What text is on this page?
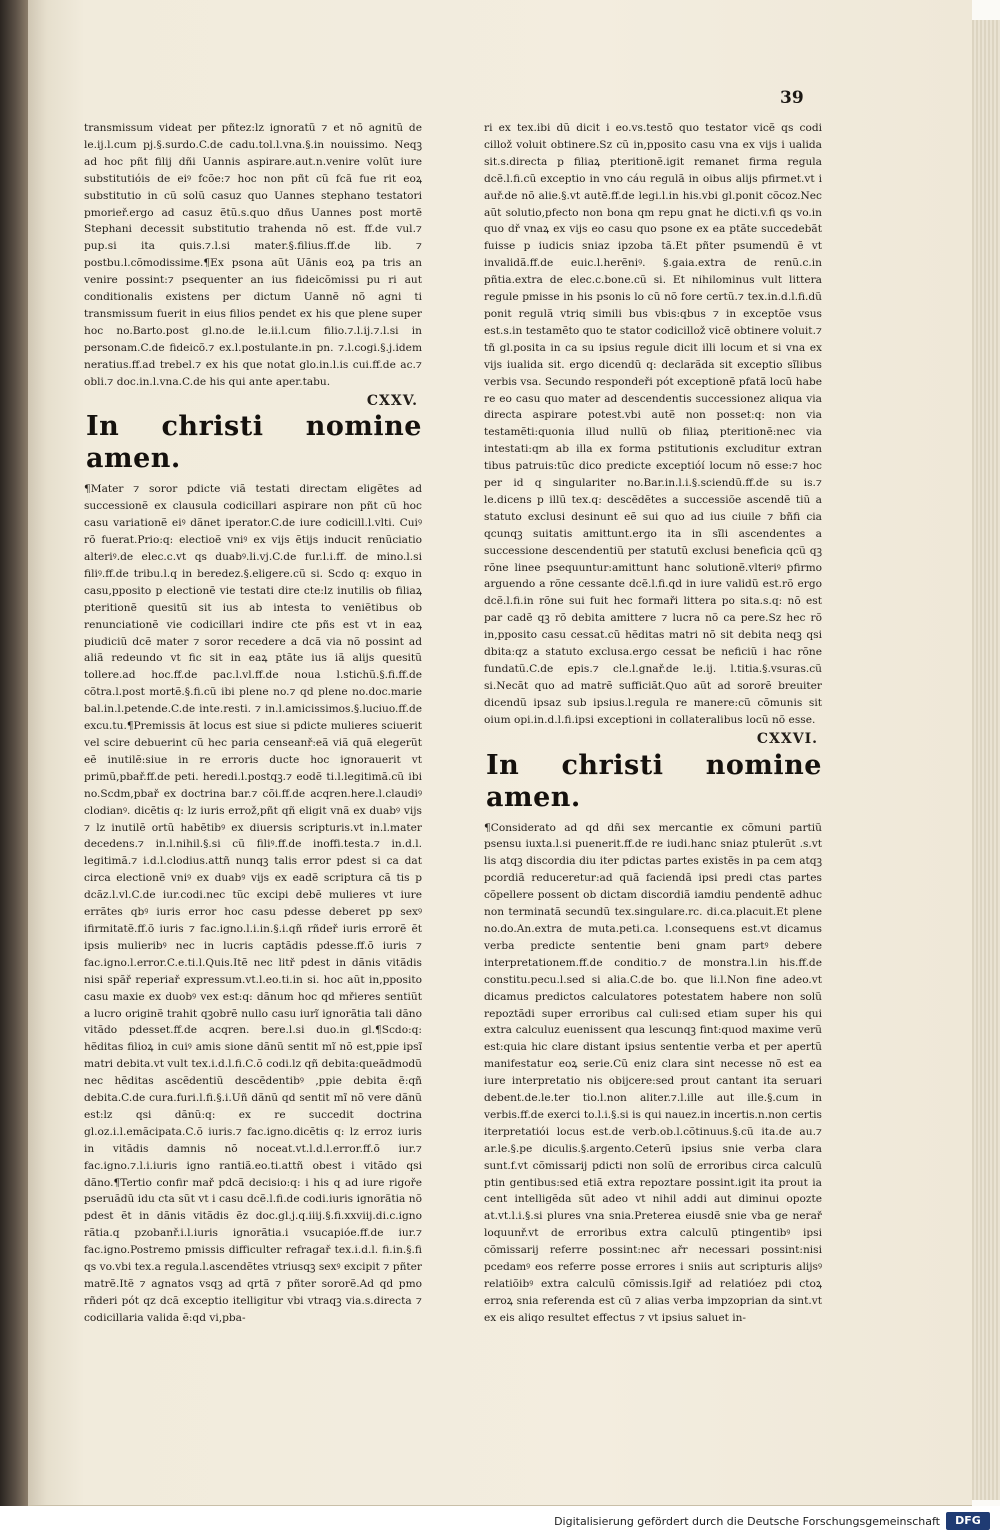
39

transmissum videat per pñtez:lz ignoratũ ⁊ et nõ agnitũ de le.ij.l.cum pj.§.surdo.C.de cadu.tol.l.vna.§.in nouissimo. Neqꝫ ad hoc pñt filij dñi Uannis aspirare.aut.n.venire volũt iure substitutióis de eiꝰ fcõe:⁊ hoc non pñt cũ fcã fue rit eoꝝ substitutio in cũ solũ casuz quo Uannes stephano testatori pmorieř.ergo ad casuz ẽtũ.s.quo dñus Uannes post mortẽ Stephani decessit substitutio trahenda nõ est. ff.de vul.⁊ pup.si ita quis.⁊.l.si mater.§.filius.ff.de lib. ⁊ postbu.l.cõmodissime.¶Ex psona aũt Uãnis eoꝝ pa tris an venire possint:⁊ psequenter an ius fideicõmissi pu ri aut conditionalis existens per dictum Uannẽ nõ agni ti transmissum fuerit in eius filios pendet ex his que plene super hoc no.Barto.post gl.no.de le.ii.l.cum filio.⁊.l.ij.⁊.l.si in personam.C.de fideicõ.⁊ ex.l.postulante.in pn. ⁊.l.cogi.§.j.idem neratius.ff.ad trebel.⁊ ex his que notat glo.in.l.is cui.ff.de ac.⁊ obli.⁊ doc.in.l.vna.C.de his qui ante aper.tabu.

CXXV.
In christi nomine amen.

¶Mater ⁊ soror pdicte viã testati directam eligẽtes ad successionẽ ex clausula codicillari aspirare non pñt cũ hoc casu variationẽ eiꝰ dãnet iperator.C.de iure codicill.l.vlti. Cuiꝰ rõ fuerat.Prio:q: electioẽ vniꝰ ex vijs ẽtijs inducit renũciatio alteriꝰ.de elec.c.vt qs duabꝰ.li.vj.C.de fur.l.i.ff. de mino.l.si filiꝰ.ff.de tribu.l.q in beredez.§.eligere.cũ si. Scdo q: exquo in casu,pposito p electionẽ vie testati dire cte:lz inutilis ob filiaꝝ pteritionẽ quesitũ sit ius ab intesta to veniẽtibus ob renunciationẽ vie codicillari indire cte pñs est vt in eaꝝ piudiciũ dcẽ mater ⁊ soror recedere a dcã via nõ possint ad aliã redeundo vt fic sit in eaꝝ ptãte ius iã alijs quesitũ tollere.ad hoc.ff.de pac.l.vl.ff.de noua l.stichũ.§.fi.ff.de cõtra.l.post mortẽ.§.fi.cũ ibi plene no.⁊ qd plene no.doc.marie bal.in.l.petende.C.de inte.resti. ⁊ in.l.amicissimos.§.luciuo.ff.de excu.tu.¶Premissis ãt locus est siue si pdicte mulieres sciuerit vel scire debuerint cũ hec paria censeanř:eã viã quã elegerũt eẽ inutilẽ:siue in re erroris ducte hoc ignorauerit vt primũ,pbař.ff.de peti. heredi.l.postqꝫ.⁊ eodẽ ti.l.legitimã.cũ ibi no.Scdm,pbař ex doctrina bar.⁊ cõi.ff.de acqren.here.l.claudiꝰ clodianꝰ. dicẽtis q: lz iuris errož,pñt qñ eligit vnã ex duabꝰ vijs ⁊ lz inutilẽ ortũ habẽtibꝰ ex diuersis scripturis.vt in.l.mater decedens.⁊ in.l.nihil.§.si cũ filiꝰ.ff.de inoffi.testa.⁊ in.d.l. legitimã.⁊ i.d.l.clodius.attñ nunqꝫ talis error pdest si ca dat circa electionẽ vniꝰ ex duabꝰ vijs ex eadẽ scriptura cã tis p dcãz.l.vl.C.de iur.codi.nec tũc excipi debẽ mulieres vt iure errãtes qbꝰ iuris error hoc casu pdesse deberet pp sexꝰ ifirmitatẽ.ff.õ iuris ⁊ fac.igno.l.i.in.§.i.qñ rñdeř iuris errorẽ ẽt ipsis mulieribꝰ nec in lucris captãdis pdesse.ff.õ iuris ⁊ fac.igno.l.error.C.e.ti.l.Quis.Itẽ nec litř pdest in dãnis vitãdis nisi spãř reperiař expressum.vt.l.eo.ti.in si. hoc aũt in,pposito casu maxie ex duobꝰ vex est:q: dãnum hoc qd mřieres sentiũt a lucro originẽ trahit qꝫobrẽ nullo casu iurĩ ignorãtia tali dãno vitãdo pdesset.ff.de acqren. bere.l.si duo.in gl.¶Scdo:q: hẽditas filioꝝ in cuiꝰ amis sione dãnũ sentit mĩ nõ est,ppie ipsĩ matri debita.vt vult tex.i.d.l.fi.C.õ codi.lz qñ debita:queãdmodũ nec hẽditas ascẽdentiũ descẽdentibꝰ ,ppie debita ẽ:qñ debita.C.de cura.furi.l.fi.§.i.Uñ dãnũ qd sentit mĩ nõ vere dãnũ est:lz qsi dãnũ:q: ex re succedit doctrina gl.oz.i.l.emãcipata.C.õ iuris.⁊ fac.igno.dicẽtis q: lz erroz iuris in vitãdis damnis nõ noceat.vt.l.d.l.error.ff.õ iur.⁊ fac.igno.⁊.l.i.iuris igno rantiã.eo.ti.attñ obest i vitãdo qsi dãno.¶Tertio confir mař pdcã decisio:q: i his q ad iure rigoře pseruãdũ idu cta sũt vt i casu dcẽ.l.fi.de codi.iuris ignorãtia nõ pdest ẽt in dãnis vitãdis ẽz doc.gl.j.q.iiij.§.fi.xxviij.di.c.igno rãtia.q pzobanř.i.l.iuris ignorãtia.i vsucapióe.ff.de iur.⁊ fac.igno.Postremo pmissis difficulter refragař tex.i.d.l. fi.in.§.fi qs vo.vbi tex.a regula.l.ascendẽtes vtriusqꝫ sexꝰ excipit ⁊ pñter matrẽ.Itẽ ⁊ agnatos vsqꝫ ad qrtã ⁊ pñter sororẽ.Ad qd pmo rñderi pót qz dcã exceptio itelligitur vbi vtraqꝫ via.s.directa ⁊ codicillaria valida ẽ:qd vi,pba-

ri ex tex.ibi dũ dicit i eo.vs.testõ quo testator vicẽ qs codi cillož voluit obtinere.Sz cũ in,pposito casu vna ex vijs i ualida sit.s.directa p filiaꝝ pteritionẽ.igit remanet firma regula dcẽ.l.fi.cũ exceptio in vno cáu regulã in oibus alijs pfirmet.vt i auř.de nõ alie.§.vt autẽ.ff.de legi.l.in his.vbi gl.ponit cõcoz.Nec aũt solutio,pfecto non bona qm repu gnat he dicti.v.fi qs vo.in quo dř vnaꝝ ex vijs eo casu quo psone ex ea ptãte succedebãt fuisse p iudicis sniaz ipzoba tã.Et pñter psumendũ ẽ vt invalidã.ff.de euic.l.herẽniꝰ. §.gaia.extra de renũ.c.in pñtia.extra de elec.c.bone.cũ si. Et nihilominus vult littera regule pmisse in his psonis lo cũ nõ fore certũ.⁊ tex.in.d.l.fi.dũ ponit regulã vtriq simili bus vbis:qbus ⁊ in exceptõe vsus est.s.in testamẽto quo te stator codicillož vicẽ obtinere voluit.⁊ tñ gl.posita in ca su ipsius regule dicit illi locum et si vna ex vijs iualida sit. ergo dicendũ q: declarãda sit exceptio sĩlibus verbis vsa. Secundo respondeři pót exceptionẽ pfatã locũ habe re eo casu quo mater ad descendentis successionez aliqua via directa aspirare potest.vbi autẽ non posset:q: non via testamẽti:quonia illud nullũ ob filiaꝝ pteritionẽ:nec via intestati:qm ab illa ex forma pstitutionis excluditur extran tibus patruis:tũc dico predicte exceptióí locum nõ esse:⁊ hoc per id q singulariter no.Bar.in.l.i.§.sciendũ.ff.de su is.⁊ le.dicens p illũ tex.q: descẽdẽtes a successiõe ascendẽ tiũ a statuto exclusi desinunt eẽ sui quo ad ius ciuile ⁊ bñfi cia qcunqꝫ suitatis amittunt.ergo ita in sĩli ascendentes a successione descendentiũ per statutũ exclusi beneficia qcũ qꝫ rõne linee psequuntur:amittunt hanc solutionẽ.vlteriꝰ pfirmo arguendo a rõne cessante dcẽ.l.fi.qd in iure validũ est.rõ ergo dcẽ.l.fi.in rõne sui fuit hec formaři littera po sita.s.q: nõ est par cadẽ qꝫ rõ debita amittere ⁊ lucra nõ ca pere.Sz hec rõ in,pposito casu cessat.cũ hẽditas matri nõ sit debita neqꝫ qsi dbita:qz a statuto exclusa.ergo cessat be neficiũ i hac rõne fundatũ.C.de epis.⁊ cle.l.gnař.de le.ij. l.titia.§.vsuras.cũ si.Necãt quo ad matrẽ sufficiãt.Quo aũt ad sororẽ breuiter dicendũ ipsaz sub ipsius.l.regula re manere:cũ cõmunis sit oium opi.in.d.l.fi.ipsi exceptioni in collateralibus locũ nõ esse.

CXXVI.
In christi nomine amen.

¶Considerato ad qd dñi sex mercantie ex cõmuni partiũ psensu iuxta.l.si puenerit.ff.de re iudi.hanc sniaz ptulerũt .s.vt lis atqꝫ discordia diu iter pdictas partes existẽs in pa cem atqꝫ pcordiã reduceretur:ad quã faciendã ipsi predi ctas partes cõpellere possent ob dictam discordiã iamdiu pendentẽ adhuc non terminatã secundũ tex.singulare.rc. di.ca.placuit.Et plene no.do.An.extra de muta.peti.ca. l.consequens est.vt dicamus verba predicte sententie beni gnam partꝰ debere interpretationem.ff.de conditio.⁊ de monstra.l.in his.ff.de constitu.pecu.l.sed si alia.C.de bo. que li.l.Non fine adeo.vt dicamus predictos calculatores potestatem habere non solũ repoztãdi super erroribus cal culi:sed etiam super his qui extra calculuz euenissent qua lescunqꝫ fint:quod maxime verũ est:quia hic clare distant ipsius sententie verba et per apertũ manifestatur eoꝝ serie.Cũ eniz clara sint necesse nõ est ea iure interpretatio nis obijcere:sed prout cantant ita seruari debent.de.le.ter tio.l.non aliter.⁊.l.ille aut ille.§.cum in verbis.ff.de exerci to.l.i.§.si is qui nauez.in incertis.n.non certis iterpretatiói locus est.de verb.ob.l.cõtinuus.§.cũ ita.de au.⁊ ar.le.§.pe diculis.§.argento.Ceterũ ipsius snie verba clara sunt.f.vt cõmissarij pdicti non solũ de erroribus circa calculũ ptin gentibus:sed etiã extra repoztare possint.igit ita prout ia cent intelligẽda sũt adeo vt nihil addi aut diminui opozte at.vt.l.i.§.si plures vna snia.Preterea eiusdẽ snie vba ge nerař loquunř.vt de erroribus extra calculũ ptingentibꝰ ipsi cõmissarij referre possint:nec ařr necessari possint:nisi pcedamꝰ eos referre posse errores i sniis aut scripturis alijsꝰ relatiõibꝰ extra calculũ cõmissis.Igiř ad relatióez pdi ctoꝝ erroꝝ snia referenda est cũ ⁊ alias verba impzoprian da sint.vt ex eis aliqo resultet effectus ⁊ vt ipsius saluet in-

Digitalisierung gefördert durch die Deutsche Forschungsgemeinschaft	DFG
